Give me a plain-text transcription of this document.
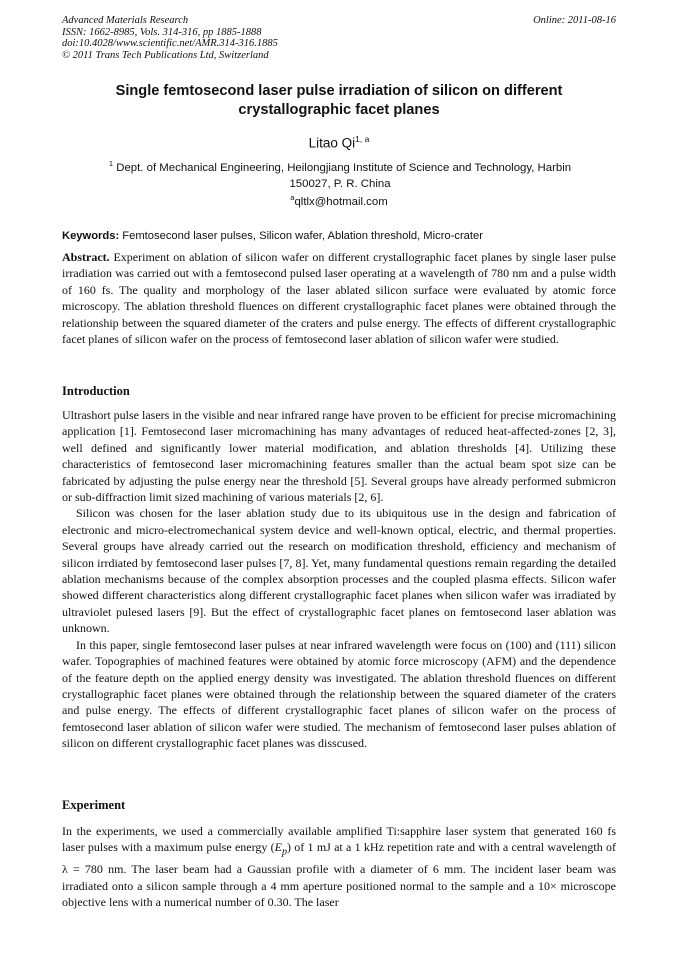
Advanced Materials Research
ISSN: 1662-8985, Vols. 314-316, pp 1885-1888
doi:10.4028/www.scientific.net/AMR.314-316.1885
© 2011 Trans Tech Publications Ltd, Switzerland
Online: 2011-08-16
Single femtosecond laser pulse irradiation of silicon on different
crystallographic facet planes
Litao Qi$^{1, a}$
$^1$ Dept. of Mechanical Engineering, Heilongjiang Institute of Science and Technology, Harbin
150027, P. R. China
$^a$qltlx@hotmail.com
Keywords: Femtosecond laser pulses, Silicon wafer, Ablation threshold, Micro-crater

Abstract. Experiment on ablation of silicon wafer on different crystallographic facet planes by single laser pulse irradiation was carried out with a femtosecond pulsed laser operating at a wavelength of 780 nm and a pulse width of 160 fs. The quality and morphology of the laser ablated silicon surface were evaluated by atomic force microscopy. The ablation threshold fluences on different crystallographic facet planes were obtained through the relationship between the squared diameter of the craters and pulse energy. The effects of different crystallographic facet planes of silicon wafer on the process of femtosecond laser ablation of silicon wafer were studied.

Introduction

Ultrashort pulse lasers in the visible and near infrared range have proven to be efficient for precise micromachining application [1]. Femtosecond laser micromachining has many advantages of reduced heat-affected-zones [2, 3], well defined and significantly lower material modification, and ablation thresholds [4]. Utilizing these characteristics of femtosecond laser micromachining features smaller than the actual beam spot size can be fabricated by adjusting the pulse energy near the threshold [5]. Several groups have already performed submicron or sub-diffraction limit sized machining of various materials [2, 6].

Silicon was chosen for the laser ablation study due to its ubiquitous use in the design and fabrication of electronic and micro-electromechanical system device and well-known optical, electric, and thermal properties. Several groups have already carried out the research on modification threshold, efficiency and mechanism of silicon irrdiated by femtosecond laser pulses [7, 8]. Yet, many fundamental questions remain regarding the detailed ablation mechanisms because of the complex absorption processes and the coupled plasma effects. Silicon wafer showed different characteristics along different crystallographic facet planes when silicon wafer was irradiated by ultraviolet pulesed lasers [9]. But the effect of crystallographic facet planes on femtosecond laser ablation was unknown.

In this paper, single femtosecond laser pulses at near infrared wavelength were focus on (100) and (111) silicon wafer. Topographies of machined features were obtained by atomic force microscopy (AFM) and the dependence of the feature depth on the applied energy density was investigated. The ablation threshold fluences on different crystallographic facet planes were obtained through the relationship between the squared diameter of the craters and pulse energy. The effects of different crystallographic facet planes of silicon wafer on the process of femtosecond laser ablation of silicon wafer were studied. The mechanism of femtosecond laser pulses ablation of silicon on different crystallographic facet planes was disscused.

Experiment

In the experiments, we used a commercially available amplified Ti:sapphire laser system that generated 160 fs laser pulses with a maximum pulse energy $(E_p)$ of 1 mJ at a 1 kHz repetition rate and with a central wavelength of λ = 780 nm. The laser beam had a Gaussian profile with a diameter of 6 mm. The incident laser beam was irradiated onto a silicon sample through a 4 mm aperture positioned normal to the sample and a 10× microscope objective lens with a numerical number of 0.30. The laser
